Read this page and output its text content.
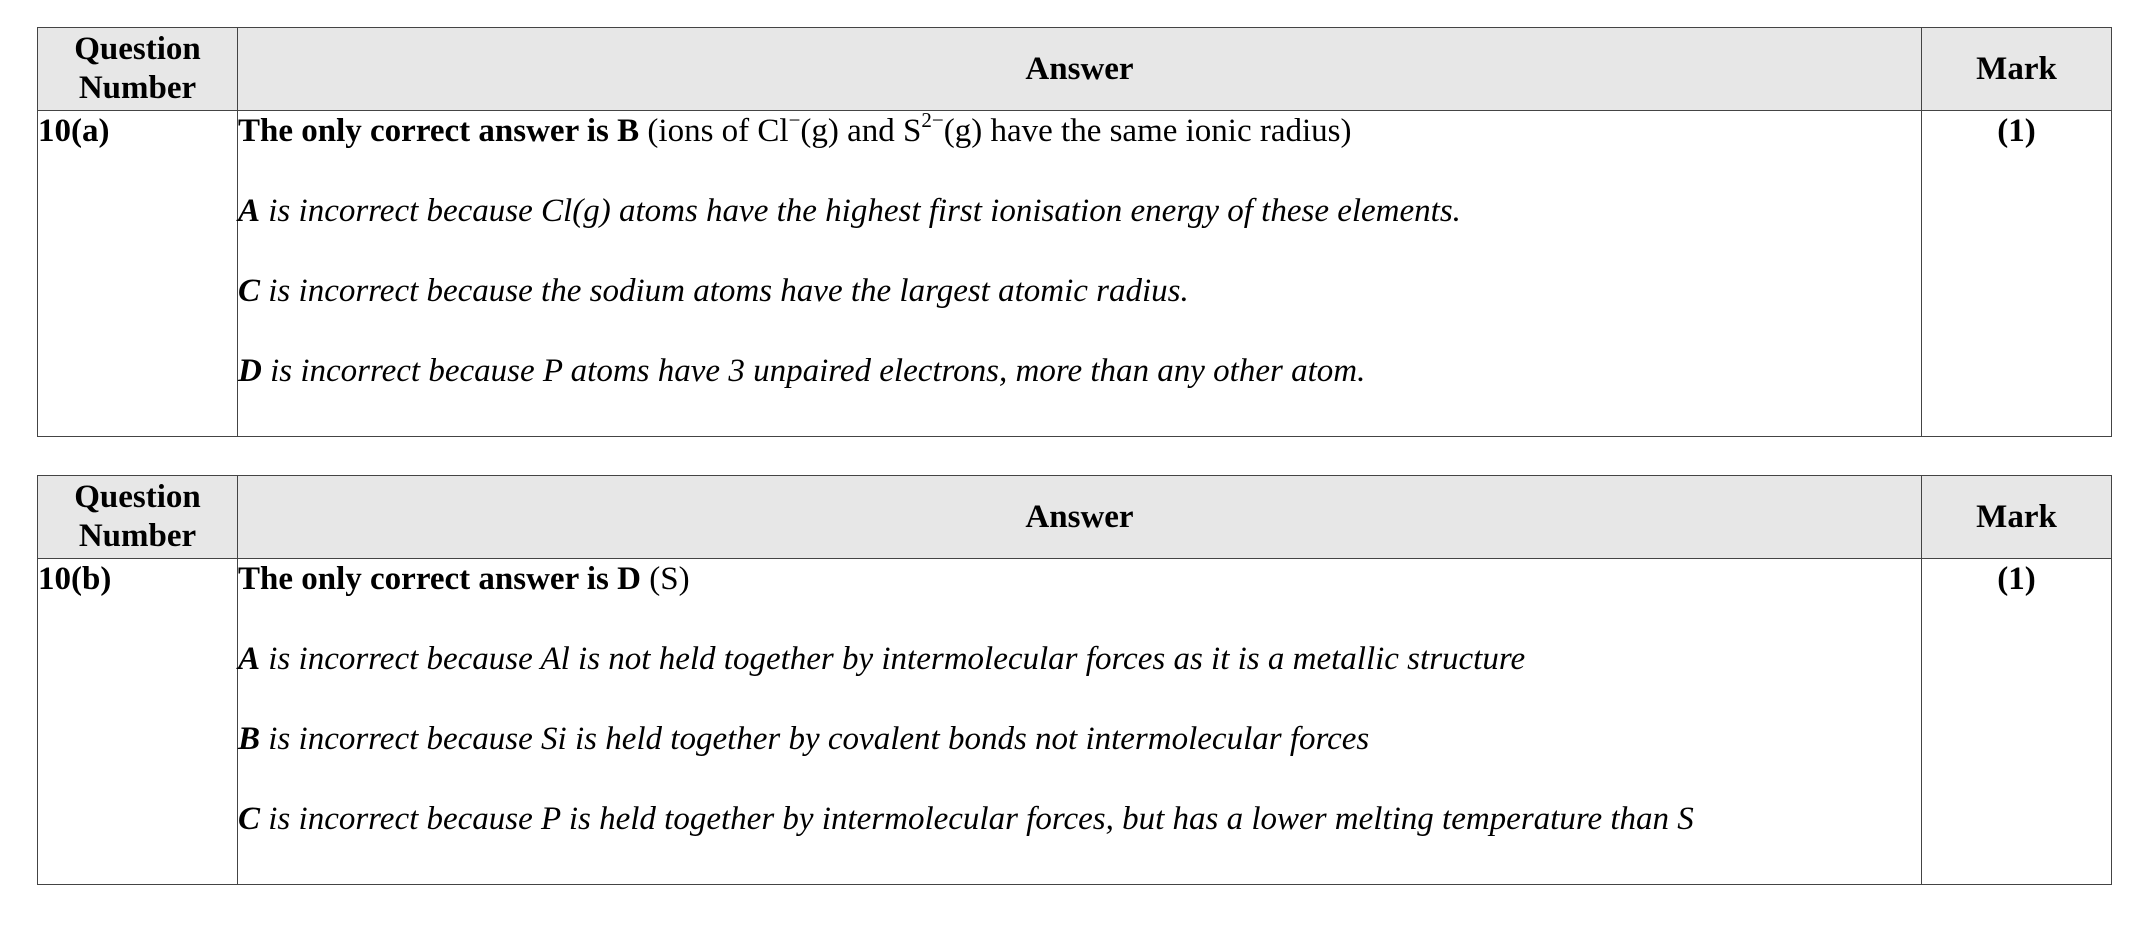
Question Number	Answer	Mark
10(a)	The only correct answer is B (ions of Cl−(g) and $S^{2-}(g)$ have the same ionic radius)

A is incorrect because Cl(g) atoms have the highest first ionisation energy of these elements.

C is incorrect because the sodium atoms have the largest atomic radius.

D is incorrect because P atoms have 3 unpaired electrons, more than any other atom.	(1)
Question Number	Answer	Mark
10(b)	The only correct answer is D (S)

A is incorrect because Al is not held together by intermolecular forces as it is a metallic structure

B is incorrect because Si is held together by covalent bonds not intermolecular forces

C is incorrect because P is held together by intermolecular forces, but has a lower melting temperature than S	(1)
